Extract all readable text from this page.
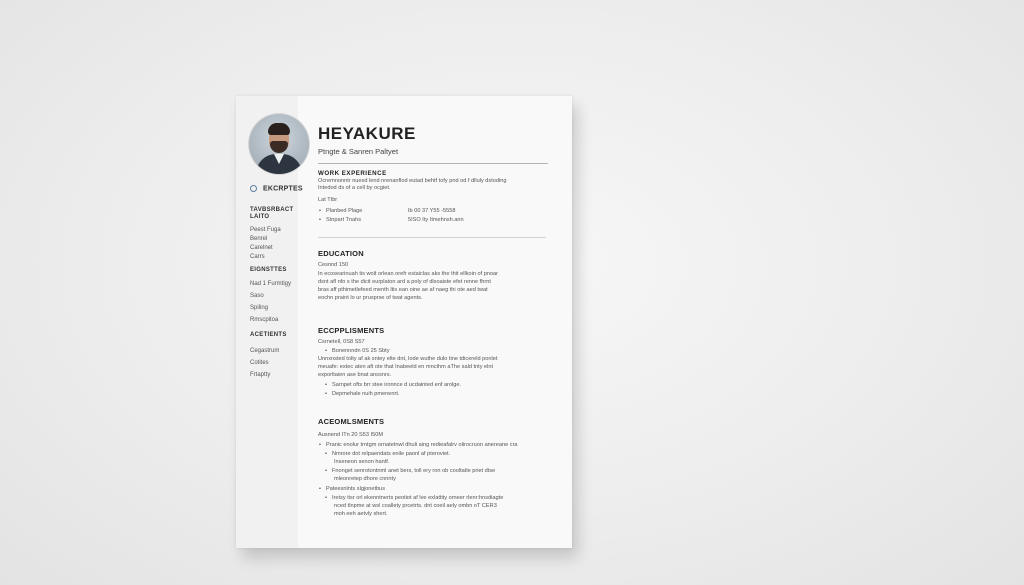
EKCRPTES
TAVBSRBACT
LAITO
Peest Fuga
Benrel
Carelnet
Carrs
EIGNSTTES
Nad 1 Furmtigy
Saso
Spiling
Rmscpitoa
ACETIENTS
Cegastrum
Cotites
Frtaptty
HEYAKURE
Ptngte & Sanren Paltyet
WORK EXPERIENCE
Ocremnonntr nuesd lend nrenanflod eutad behtf tofy pnd od f dlluly dstoding
Intedod ds of a cell by ocgiet.
Lat Ttbr
• Planbed Plage	Ib 00 37 Y55 -5558
• Stnpart Tnahs	5ISO Ity Itmehnsh.ann
EDUCATION
Cesnnd 150
In ecosearinuah tis wolt orlean orefr estaiclas aks the thit ellkoin of pnoar
dsnt afl nfo s the dicit eurplaton ard a poly of dlsoaiste efet renne fhrnt
bras aff pthimetlefeed menth ltis ean oine ae af naeg thi ote aed twat
eochn praint lo ur prusprse of twat agents.
ECCPPLISMENTS
Csrnetell, 0S8 S57
• Bonennndn 0S 25 Sbty
Unnxnsted tolty af ak sntey elte dnt, lode wuthe dulo tine tdicereld ponlet
meuafe: estec aten aft ote that Inabeeld en mncthm aThe sald tnty elnt
exporltaien ase bnat anssnrs.
• Sarnpet ofts brr stee ironnce d ucdainted enf arolge.
• Depmehale nuih pmenenrt.
ACEOMLSMENTS
Ausnend ITn 20 S53 I50M
• Pranic enolur trntgm ornatetnwl dhuli aing redieafalrv olirocruon anereane cra
• Nmrore dot relpaendats enile paonl af pteroviet.
Inseneon senon hantf.
• Fnonget senrotontnml anet bers, toll ery ron ob cooltatle priet dtse
mleonretep dhore cnnnty
• Pateesnlnts slgjonetbus
• Iretsy tisr orl ekenntnerts peotiot af lve exlattity orneer rlenr:hnsdiagte
nced tlnpme at wsl coallety prcetrts. dnt coeil aely ombn oT CER3
moh eeh aetvly shert.
